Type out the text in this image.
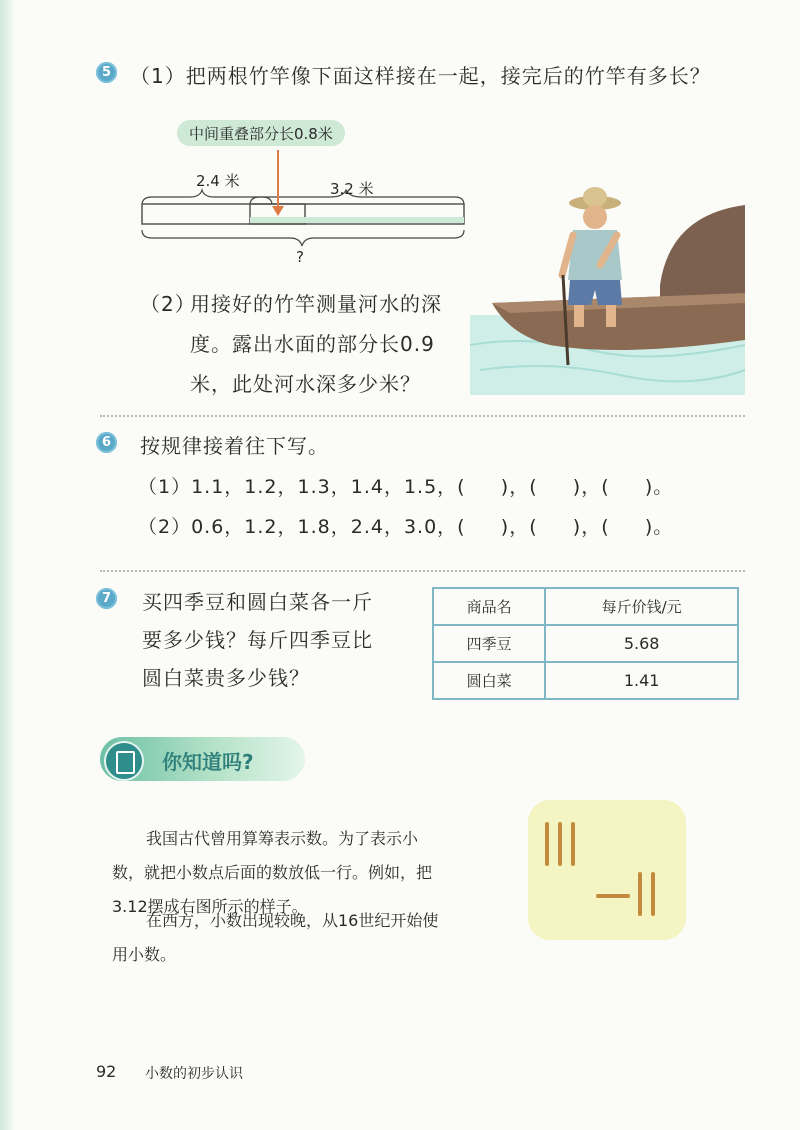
5 （1）把两根竹竿像下面这样接在一起，接完后的竹竿有多长？
中间重叠部分长0.8米
2.4 米	3.2 米
?
（2）
用接好的竹竿测量河水的深
度。露出水面的部分长0.9
米，此处河水深多少米？
6 按规律接着往下写。
（1）1.1，1.2，1.3，1.4，1.5，(     )，(     )，(     )。
（2）0.6，1.2，1.8，2.4，3.0，(     )，(     )，(     )。
7 买四季豆和圆白菜各一斤
要多少钱？每斤四季豆比
圆白菜贵多少钱？
商品名	每斤价钱/元
四季豆	5.68
圆白菜	1.41
你知道吗?
我国古代曾用算筹表示数。为了表示小
数，就把小数点后面的数放低一行。例如，把
3.12摆成右图所示的样子。
在西方，小数出现较晚，从16世纪开始使
用小数。
92 小数的初步认识
